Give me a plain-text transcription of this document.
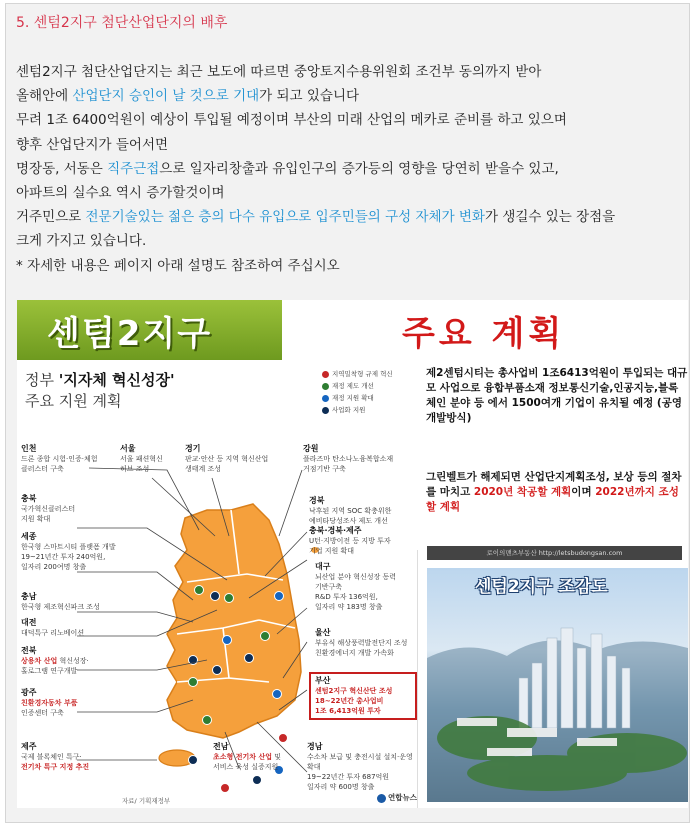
5. 센텀2지구 첨단산업단지의 배후
센텀2지구 첨단산업단지는 최근 보도에 따르면 중앙토지수용위원회 조건부 동의까지 받아
올해안에 산업단지 승인이 날 것으로 기대가 되고 있습니다
무려 1조 6400억원이 예상이 투입될 예정이며 부산의 미래 산업의 메카로 준비를 하고 있으며
향후 산업단지가 들어서면
명장동, 서동은 직주근접으로 일자리창출과 유입인구의 증가등의 영향을 당연히 받을수 있고,
아파트의 실수요 역시 증가할것이며
거주민으로 전문기술있는 젊은 층의 다수 유입으로 입주민들의 구성 자체가 변화가 생길수 있는 장점을
크게 가지고 있습니다.
* 자세한 내용은 페이지 아래 설명도 참조하여 주십시오
센텀2지구	주요 계획
정부 '지자체 혁신성장'
주요 지원 계획
지역밀착형 규제 혁신
재정 제도 개선
재정 지원 확대
사업화 지원
인천
드론 종합 시험·인증·체험
클러스터 구축
서울
서울 패션혁신
허브 조성
경기
판교·안산 등 지역 혁신산업
생태계 조성
강원
플라즈마 탄소나노융복합소재
거점기반 구축
충북
국가혁신클러스터
지원 확대
경북
낙후된 지역 SOC 확충위한
예비타당성조사 제도 개선
충북·경북·제주
U턴·지방이전 등 지방 투자
기업 지원 확대
세종
한국형 스마트시티 플랫폼 개발
19~21년간 투자 240억원,
일자리 200여명 창출	대구
뇌산업 분야 혁신성장 동력
기반구축
R&D 투자 136억원,
일자리 약 183명 창출
충남
한국형 제조혁신파크 조성
대전
대덕특구 리노베이션	울산
부유식 해상풍력발전단지 조성
친환경에너지 개발 가속화
전북
상용차 산업 혁신성장·
홀로그램 연구개발
부산
센텀2지구 혁신산단 조성
18~22년간 총사업비
1조 6,413억원 투자
광주
친환경자동차 부품
인증센터 구축
전남
초소형 전기차 산업 및
서비스 육성 실증지원
경남
수소차 보급 및 충전시설 설치·운영 확대
19~22년간 투자 687억원
일자리 약 600명 창출
제주
국제 블록체인 특구·
전기차 특구 지정 추진
자료/ 기획재정부	연합뉴스
제2센텀시티는 총사업비 1조6413억원이 투입되는 대규모 사업으로 융합부품소재 정보통신기술,인공지능,블록체인 분야 등 에서 1500여개 기업이 유치될 예정 (공영개발방식)
그린벨트가 해제되면 산업단지계획조성, 보상 등의 절차를 마치고 2020년 착공할 계획이며 2022년까지 조성할 계획
로이의맨츠부동산 http://letsbudongsan.com
센텀2지구 조감도
